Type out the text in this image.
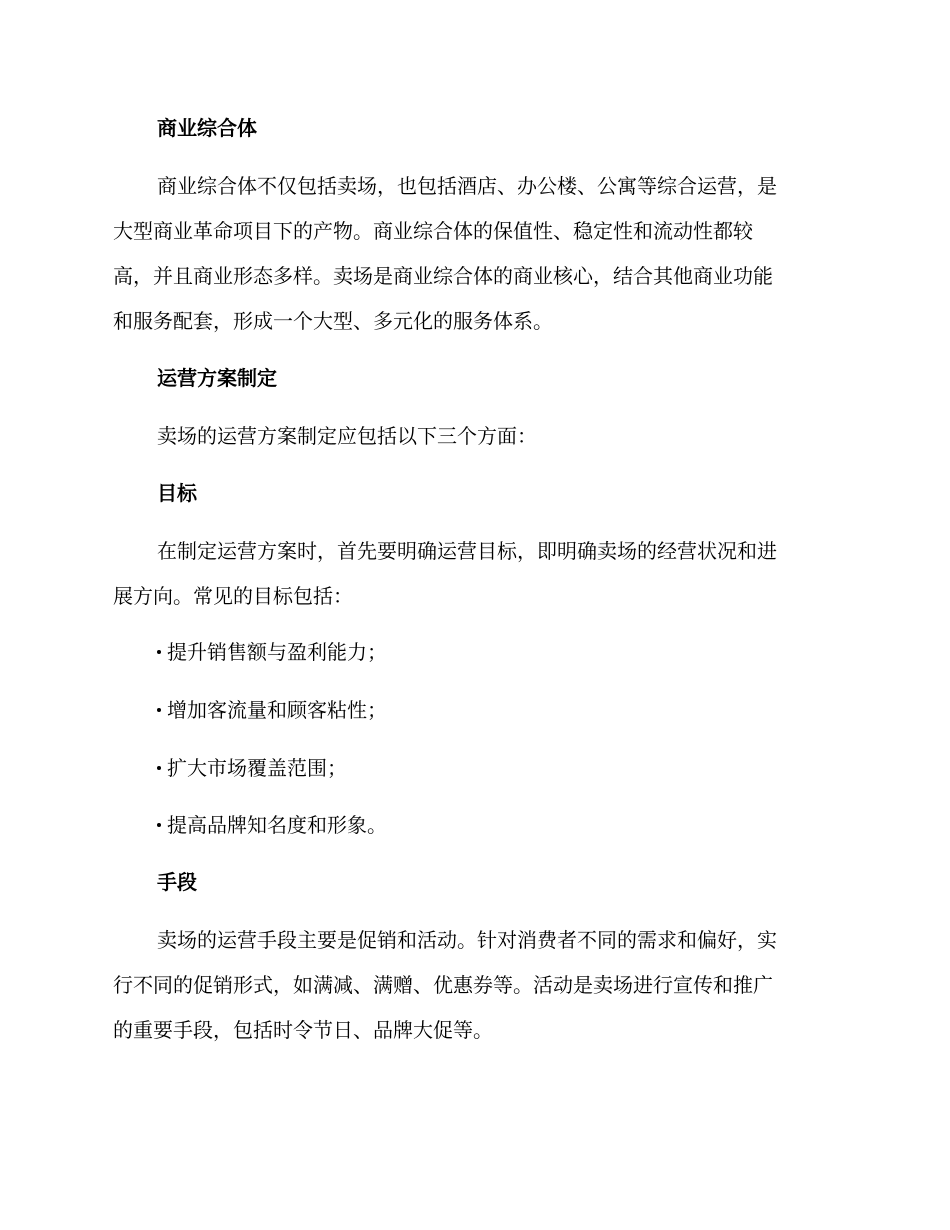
商业综合体
商业综合体不仅包括卖场，也包括酒店、办公楼、公寓等综合运营，是
大型商业革命项目下的产物。商业综合体的保值性、稳定性和流动性都较
高，并且商业形态多样。卖场是商业综合体的商业核心，结合其他商业功能
和服务配套，形成一个大型、多元化的服务体系。
运营方案制定
卖场的运营方案制定应包括以下三个方面：
目标
在制定运营方案时，首先要明确运营目标，即明确卖场的经营状况和进
展方向。常见的目标包括：
提升销售额与盈利能力；
增加客流量和顾客粘性；
扩大市场覆盖范围；
提高品牌知名度和形象。
手段
卖场的运营手段主要是促销和活动。针对消费者不同的需求和偏好，实
行不同的促销形式，如满减、满赠、优惠券等。活动是卖场进行宣传和推广
的重要手段，包括时令节日、品牌大促等。
